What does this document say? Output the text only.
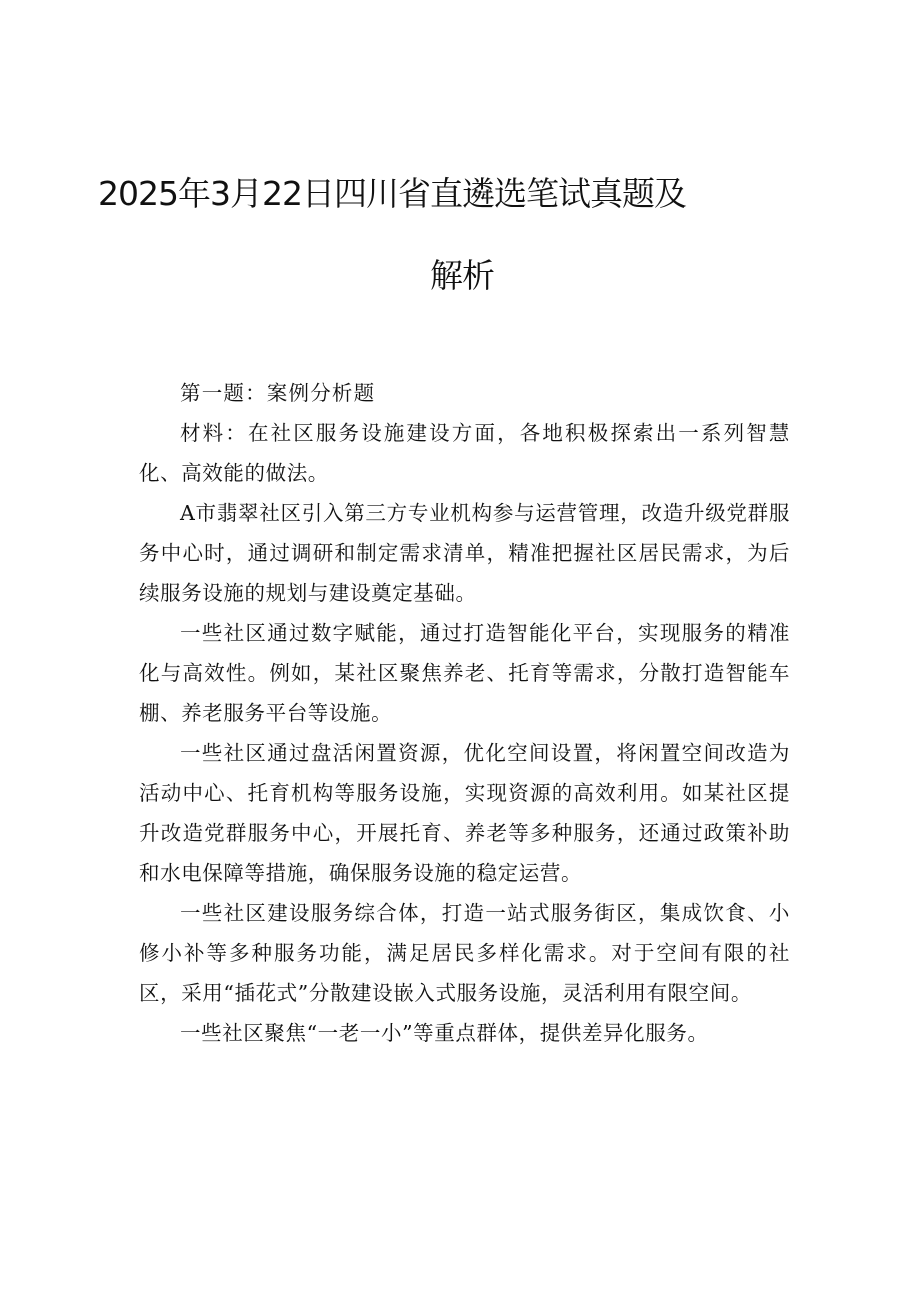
2025年3月22日四川省直遴选笔试真题及
解析

第一题：案例分析题

材料：在社区服务设施建设方面，各地积极探索出一系列智慧化、高效能的做法。

A市翡翠社区引入第三方专业机构参与运营管理，改造升级党群服务中心时，通过调研和制定需求清单，精准把握社区居民需求，为后续服务设施的规划与建设奠定基础。

一些社区通过数字赋能，通过打造智能化平台，实现服务的精准化与高效性。例如，某社区聚焦养老、托育等需求，分散打造智能车棚、养老服务平台等设施。

一些社区通过盘活闲置资源，优化空间设置，将闲置空间改造为活动中心、托育机构等服务设施，实现资源的高效利用。如某社区提升改造党群服务中心，开展托育、养老等多种服务，还通过政策补助和水电保障等措施，确保服务设施的稳定运营。

一些社区建设服务综合体，打造一站式服务街区，集成饮食、小修小补等多种服务功能，满足居民多样化需求。对于空间有限的社区，采用“插花式”分散建设嵌入式服务设施，灵活利用有限空间。

一些社区聚焦“一老一小”等重点群体，提供差异化服务。
